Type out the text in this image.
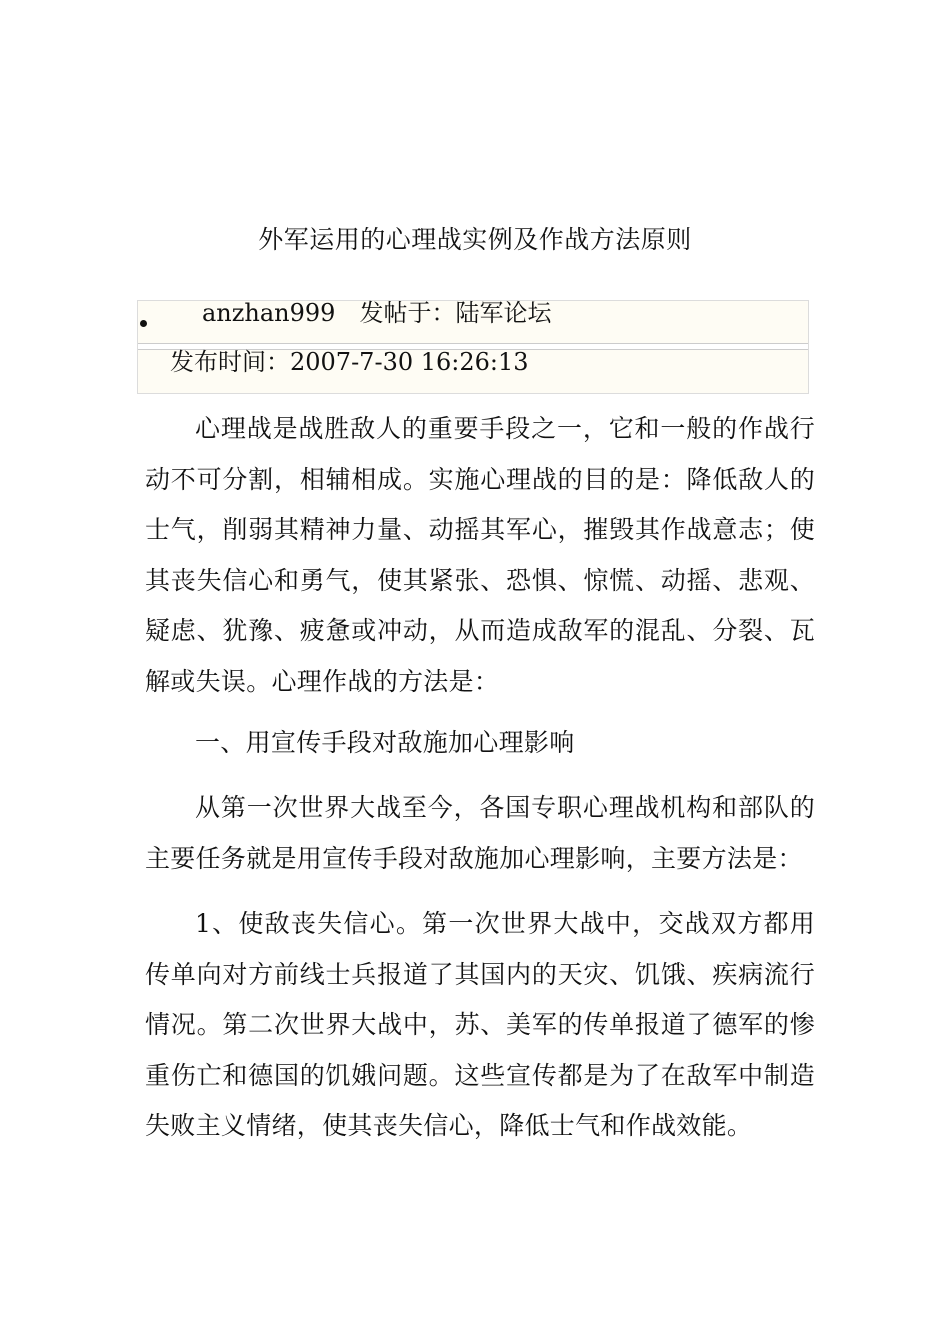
外军运用的心理战实例及作战方法原则
anzhan999　发帖于：陆军论坛
发布时间：2007-7-30 16:26:13

心理战是战胜敌人的重要手段之一，它和一般的作战行动不可分割，相辅相成。实施心理战的目的是：降低敌人的士气，削弱其精神力量、动摇其军心，摧毁其作战意志；使其丧失信心和勇气，使其紧张、恐惧、惊慌、动摇、悲观、疑虑、犹豫、疲惫或冲动，从而造成敌军的混乱、分裂、瓦解或失误。心理作战的方法是：

一、用宣传手段对敌施加心理影响

从第一次世界大战至今，各国专职心理战机构和部队的主要任务就是用宣传手段对敌施加心理影响，主要方法是：

1、使敌丧失信心。第一次世界大战中，交战双方都用传单向对方前线士兵报道了其国内的天灾、饥饿、疾病流行情况。第二次世界大战中，苏、美军的传单报道了德军的惨重伤亡和德国的饥娥问题。这些宣传都是为了在敌军中制造失败主义情绪，使其丧失信心，降低士气和作战效能。
